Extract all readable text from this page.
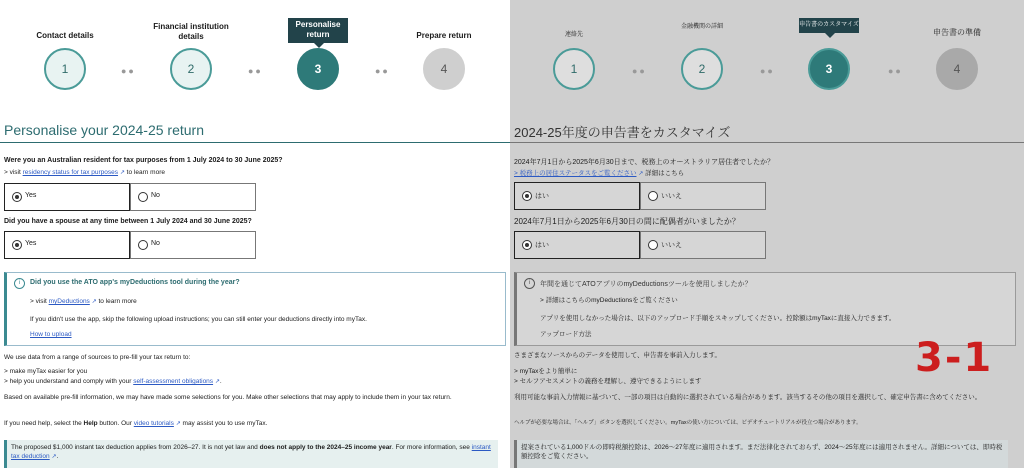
Contact details
1	●●
Financial institution details
2	●●
Personalise return
3	●●
Prepare return
4
Personalise your 2024-25 return
Were you an Australian resident for tax purposes from 1 July 2024 to 30 June 2025?
> visit residency status for tax purposes ↗ to learn more
Yes	No
Did you have a spouse at any time between 1 July 2024 and 30 June 2025?
Yes	No
i	Did you use the ATO app's myDeductions tool during the year?
> visit myDeductions ↗ to learn more
If you didn't use the app, skip the following upload instructions; you can still enter your deductions directly into myTax.
How to upload
We use data from a range of sources to pre-fill your tax return to:
> make myTax easier for you
> help you understand and comply with your self-assessment obligations ↗.
Based on available pre-fill information, we may have made some selections for you. Make other selections that may apply to include them in your tax return.
If you need help, select the Help button. Our video tutorials ↗ may assist you to use myTax.
The proposed $1,000 instant tax deduction applies from 2026–27. It is not yet law and does not apply to the 2024–25 income year. For more information, see instant tax deduction ↗.
連絡先
1	●●
金融機関の詳細
2	●●
申告書のカスタマイズ
3	●●
申告書の準備
4
2024-25年度の申告書をカスタマイズ
2024年7月1日から2025年6月30日まで、税務上のオーストラリア居住者でしたか？
> 税務上の居住ステータスをご覧ください ↗ 詳細はこちら
はい	いいえ
2024年7月1日から2025年6月30日の間に配偶者がいましたか？
はい	いいえ
i	年間を通じてATOアプリのmyDeductionsツールを使用しましたか？
> 詳細はこちらのmyDeductionsをご覧ください
アプリを使用しなかった場合は、以下のアップロード手順をスキップしてください。控除額はmyTaxに直接入力できます。
アップロード方法
さまざまなソースからのデータを使用して、申告書を事前入力します。
> myTaxをより簡単に
> セルフアセスメントの義務を理解し、遵守できるようにします
利用可能な事前入力情報に基づいて、一部の項目は自動的に選択されている場合があります。該当するその他の項目を選択して、確定申告書に含めてください。
ヘルプが必要な場合は、「ヘルプ」ボタンを選択してください。myTaxの使い方については、ビデオチュートリアルが役立つ場合があります。
提案されている1,000ドルの即時税額控除は、2026～27年度に適用されます。まだ法律化されておらず、2024～25年度には適用されません。詳細については、即時税額控除をご覧ください。
3-1
